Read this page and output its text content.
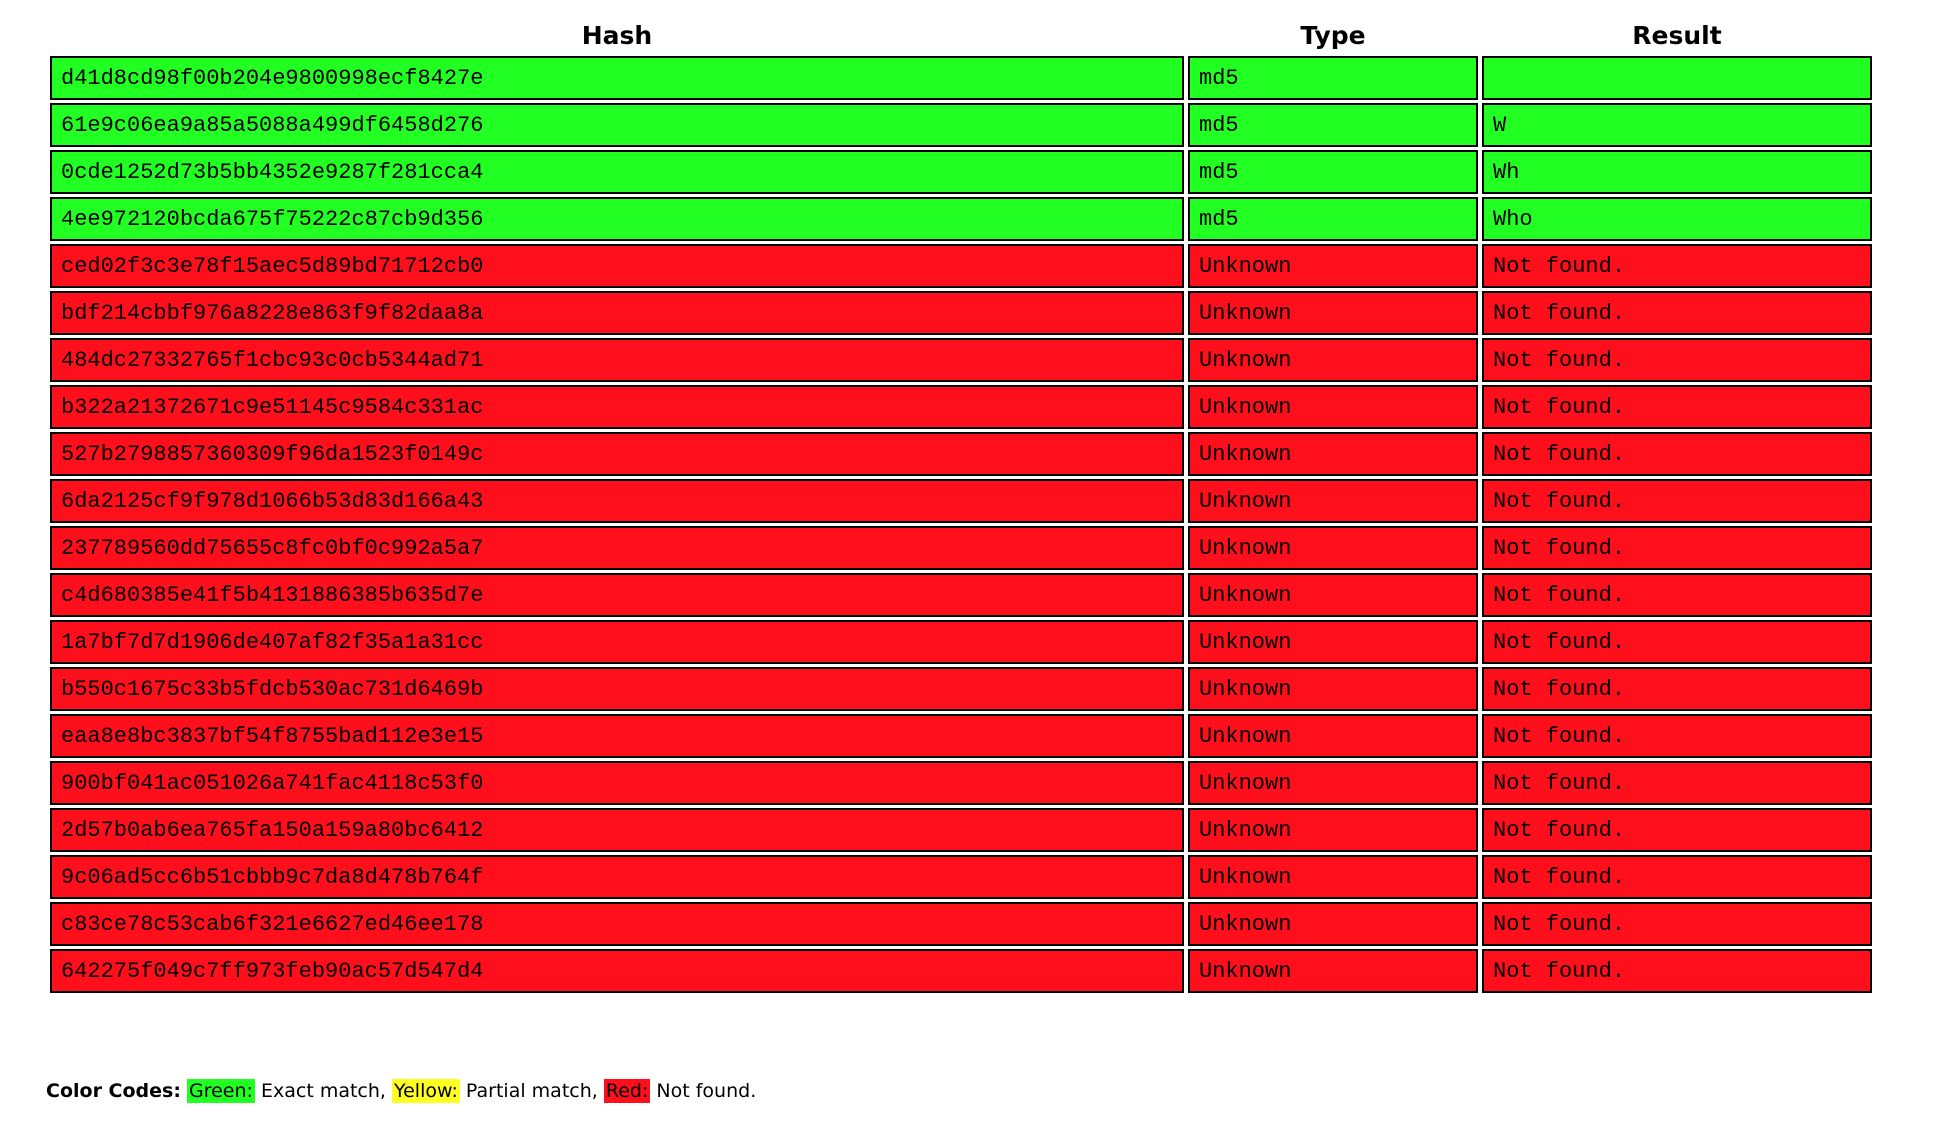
Hash	Type	Result
d41d8cd98f00b204e9800998ecf8427e	md5	
61e9c06ea9a85a5088a499df6458d276	md5	W
0cde1252d73b5bb4352e9287f281cca4	md5	Wh
4ee972120bcda675f75222c87cb9d356	md5	Who
ced02f3c3e78f15aec5d89bd71712cb0	Unknown	Not found.
bdf214cbbf976a8228e863f9f82daa8a	Unknown	Not found.
484dc27332765f1cbc93c0cb5344ad71	Unknown	Not found.
b322a21372671c9e51145c9584c331ac	Unknown	Not found.
527b2798857360309f96da1523f0149c	Unknown	Not found.
6da2125cf9f978d1066b53d83d166a43	Unknown	Not found.
237789560dd75655c8fc0bf0c992a5a7	Unknown	Not found.
c4d680385e41f5b4131886385b635d7e	Unknown	Not found.
1a7bf7d7d1906de407af82f35a1a31cc	Unknown	Not found.
b550c1675c33b5fdcb530ac731d6469b	Unknown	Not found.
eaa8e8bc3837bf54f8755bad112e3e15	Unknown	Not found.
900bf041ac051026a741fac4118c53f0	Unknown	Not found.
2d57b0ab6ea765fa150a159a80bc6412	Unknown	Not found.
9c06ad5cc6b51cbbb9c7da8d478b764f	Unknown	Not found.
c83ce78c53cab6f321e6627ed46ee178	Unknown	Not found.
642275f049c7ff973feb90ac57d547d4	Unknown	Not found.
Color Codes: Green: Exact match, Yellow: Partial match, Red: Not found.
